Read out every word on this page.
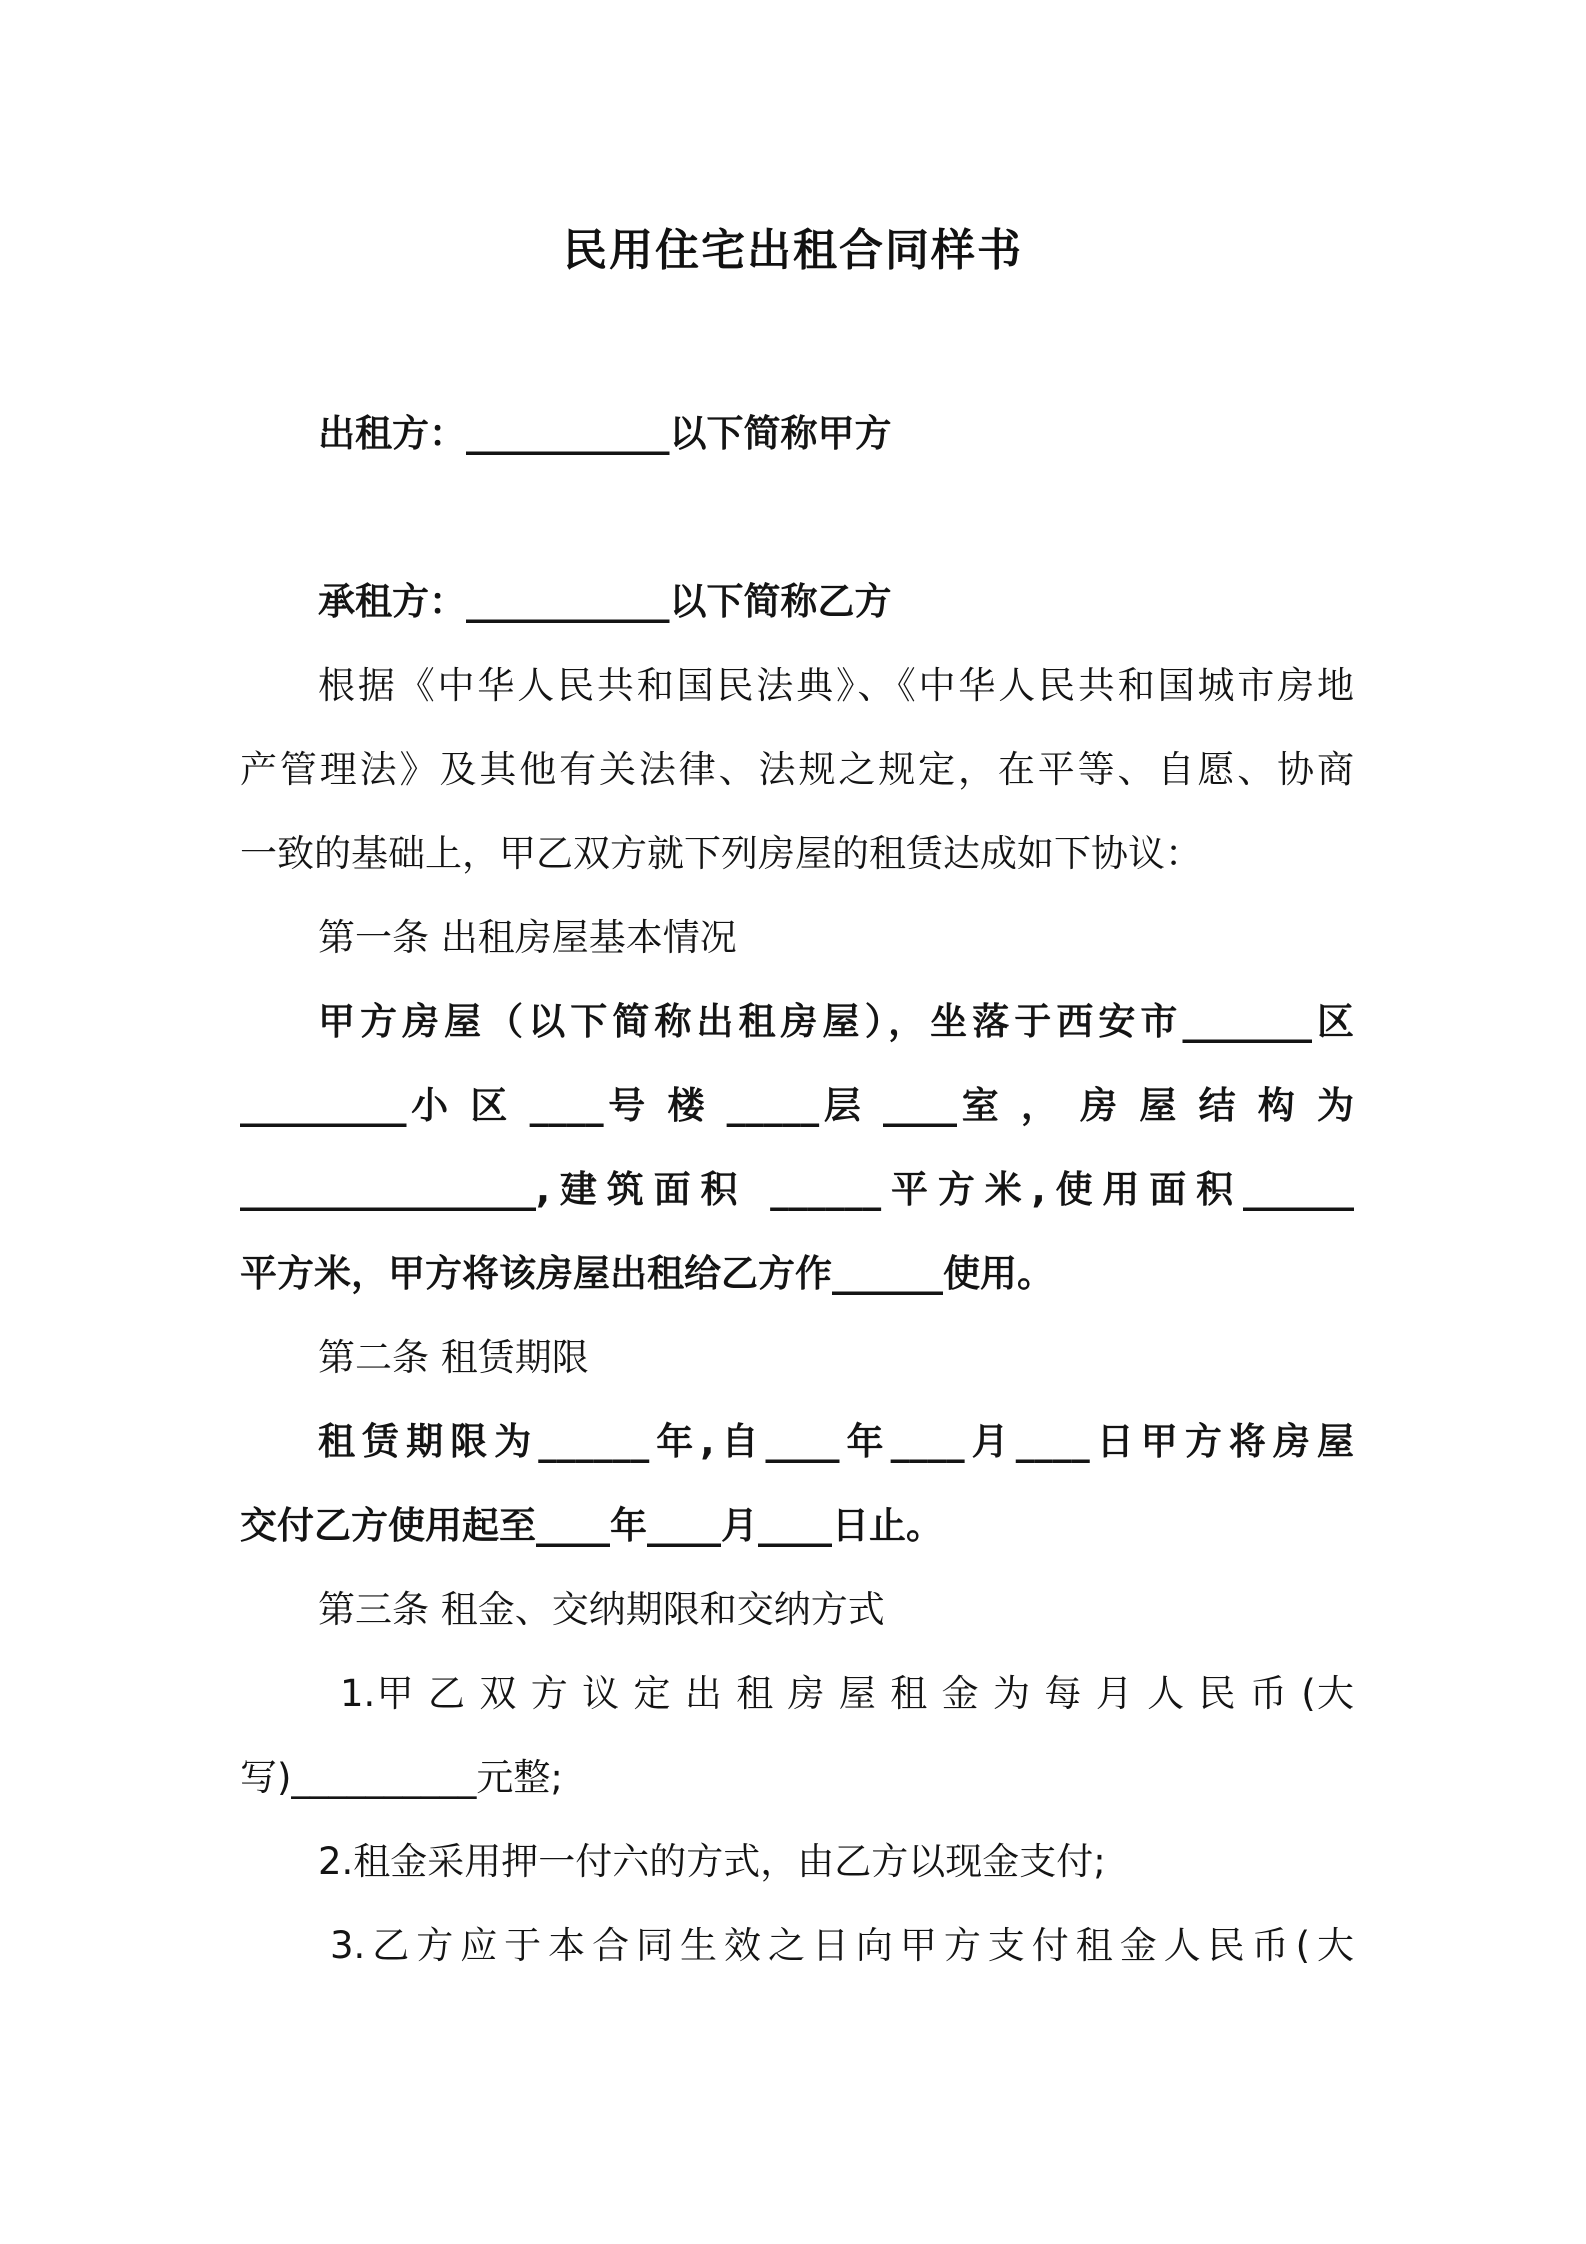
民用住宅出租合同样书
出租方：___________以下简称甲方
承租方：___________以下简称乙方
根据《中华人民共和国民法典》、《中华人民共和国城市房地
产管理法》及其他有关法律、法规之规定，在平等、自愿、协商
一致的基础上，甲乙双方就下列房屋的租赁达成如下协议：
第一条 出租房屋基本情况
甲方房屋（以下简称出租房屋），坐落于西安市_______区
_________小 区 ____号 楼 _____层 ____室 ， 房 屋 结 构 为
________________,建筑面积 ______平方米,使用面积______
平方米，甲方将该房屋出租给乙方作______使用。
第二条 租赁期限
租赁期限为______年,自____年____月____日甲方将房屋
交付乙方使用起至____年____月____日止。
第三条 租金、交纳期限和交纳方式
1.甲 乙 双 方 议 定 出 租 房 屋 租 金 为 每 月 人 民 币 (大
写)__________元整;
2.租金采用押一付六的方式，由乙方以现金支付;
3.乙方应于本合同生效之日向甲方支付租金人民币(大
